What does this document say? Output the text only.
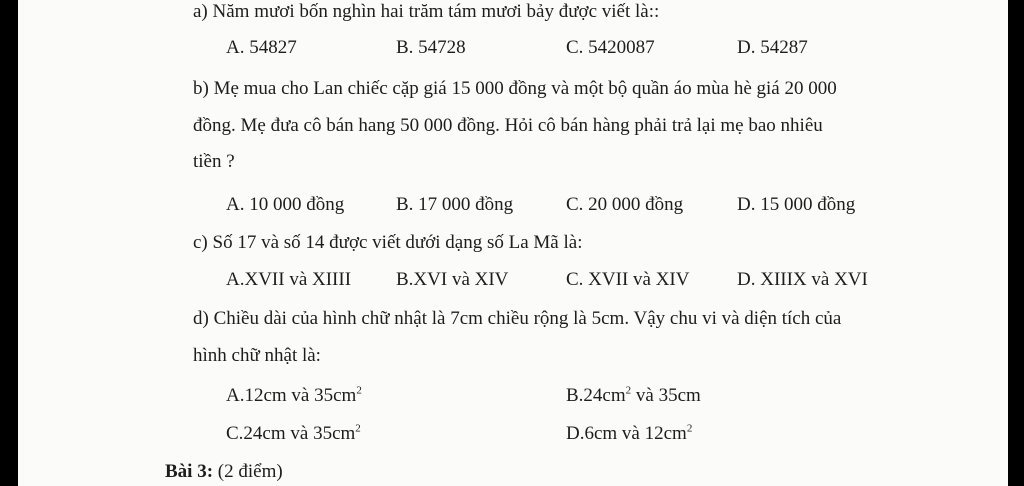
a) Năm mươi bốn nghìn hai trăm tám mươi bảy được viết là::
A. 54827	B. 54728	C. 5420087	D. 54287
b) Mẹ mua cho Lan chiếc cặp giá 15 000 đồng và một bộ quần áo mùa hè giá 20 000
đồng. Mẹ đưa cô bán hang 50 000 đồng. Hỏi cô bán hàng phải trả lại mẹ bao nhiêu
tiền ?
A. 10 000 đồng	B. 17 000 đồng	C. 20 000 đồng	D. 15 000 đồng
c) Số 17 và số 14 được viết dưới dạng số La Mã là:
A.XVII và XIIII B.XVI và XIV	C. XVII và XIV	D. XIIIX và XVI
d) Chiều dài của hình chữ nhật là 7cm chiều rộng là 5cm. Vậy chu vi và diện tích của
hình chữ nhật là:
A.12cm và $35cm^2$	$B.24cm^2$ và 35cm
C.24cm và $35cm^2$	D.6cm và $12cm^2$
Bài 3: (2 điểm)
